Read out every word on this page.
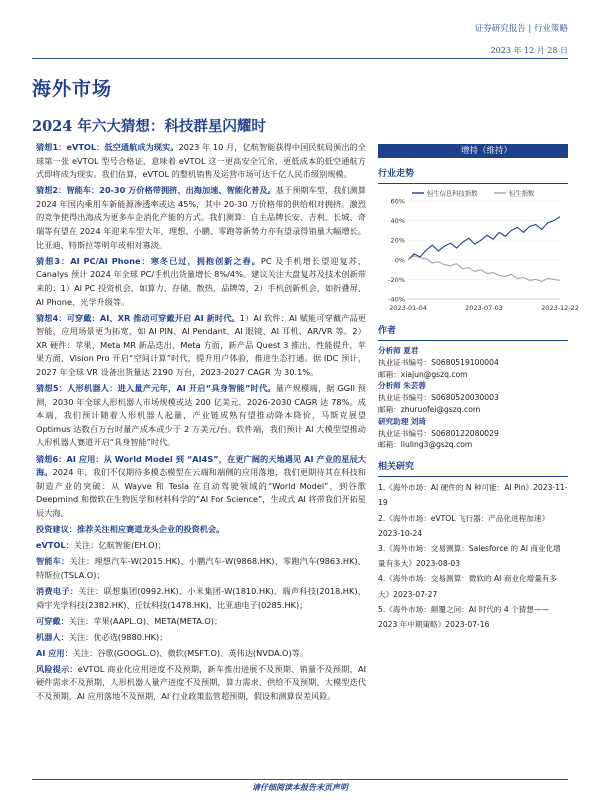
证券研究报告 | 行业策略
2023 年 12 月 28 日
海外市场
2024 年六大猜想：科技群星闪耀时

猜想1：eVTOL：低空通航成为现实。2023 年 10 月，亿航智能获得中国民航局颁出的全球第一张 eVTOL 型号合格证，意味着 eVTOL 这一更高安全冗余、更低成本的低空通航方式即将成为现实。我们估算，eVTOL 的整机销售及运营市场可达千亿人民币级别规模。

猜想2：智能车：20-30 万价格带拥挤、出海加速、智能化普及。基于预期车型，我们测算 2024 年国内乘用车新能源渗透率或达 45%，其中 20-30 万价格带的供给相对拥挤。激烈的竞争使得出海成为更多车企消化产能的方式。我们测算：自主品牌长安、吉利、长城、奇瑞等有望在 2024 年迎来车型大年，理想、小鹏、零跑等新势力亦有望录得销量大幅增长。比亚迪、特斯拉等明年或相对寡淡。

猜想3：AI PC/AI Phone：寒冬已过，拥抱创新之春。PC 及手机增长望迎复苏，Canalys 预计 2024 年全球 PC/手机出货量增长 8%/4%。建议关注大盘复苏及技术创新带来的：1）AI PC 投资机会，如算力、存储、散热、品牌等，2）手机创新机会，如折叠屏、AI Phone、光学升级等。

猜想4：可穿戴：AI、XR 推动可穿戴开启 AI 新时代。1）AI 软件：AI 赋能可穿戴产品更智能，应用场景更为拓宽，如 AI PIN、AI Pendant、AI 眼镜、AI 耳机、AR/VR 等。2）XR 硬件：苹果、Meta MR 新品迭出，Meta 方面，新产品 Quest 3 推出，性能提升，苹果方面，Vision Pro 开启“空间计算”时代，提升用户体验，推进生态打通。据 IDC 预计，2027 年全球 VR 设备出货量达 2190 万台，2023-2027 CAGR 为 30.1%。

猜想5：人形机器人：进入量产元年，AI 开启“具身智能”时代。量产规模端，据 GGII 预测，2030 年全球人形机器人市场规模或达 200 亿美元，2026-2030 CAGR 达 78%。成本端，我们预计随着人形机器人起量，产业链成熟有望推动降本降价，马斯克展望 Optimus 达数百万台时量产成本或少于 2 万美元/台。软件端，我们预计 AI 大模型望推动人形机器人赛道开启“具身智能”时代。

猜想6：AI 应用：从 World Model 到 “AI4S”，在更广阔的天地遇见 AI 产业的星辰大海。2024 年，我们不仅期待多模态模型在云端和端侧的应用落地，我们更期待其在科技和制造产业的突破：从 Wayve 和 Tesla 在自动驾驶领域的“World Model”，到谷歌 Deepmind 和微软在生物医学和材料科学的“AI For Science”，生成式 AI 将带我们开拓星辰大海。

投资建议：推荐关注相应赛道龙头企业的投资机会。

eVTOL：关注：亿航智能(EH.O)；

智能车：关注：理想汽车-W(2015.HK)、小鹏汽车-W(9868.HK)、零跑汽车(9863.HK)、特斯拉(TSLA.O)；

消费电子：关注：联想集团(0992.HK)、小米集团-W(1810.HK)、瑞声科技(2018.HK)、舜宇光学科技(2382.HK)、丘钛科技(1478.HK)、比亚迪电子(0285.HK)；

可穿戴：关注：苹果(AAPL.O)、META(META.O)；

机器人：关注：优必选(9880.HK)；

AI 应用：关注：谷歌(GOOGL.O)、微软(MSFT.O)、英伟达(NVDA.O)等。

风险提示：eVTOL 商业化应用进度不及预期，新车推出进展不及预期、销量不及预期，AI 硬件需求不及预期，人形机器人量产进度不及预期，算力需求、供给不及预期，大模型迭代不及预期，AI 应用落地不及预期，AI 行业政策监管超预期，假设和测算误差风险。

增持（维持）
行业走势
60%
40%
20%
0%
-20%
-40%
2023-01-04	2023-07-03	2023-12-22
恒生信息科技指数	恒生指数
作者
分析师 夏君
执业证书编号：S0680519100004
邮箱：xiajun@gszq.com
分析师 朱芸蓉
执业证书编号：S0680520030003
邮箱：zhuruofei@gszq.com
研究助理 刘琦
执业证书编号：S0680122080029
邮箱：liuling3@gszq.com
相关研究
1.《海外市场：AI 硬件的 N 种可能：AI Pin》2023-11-19
2.《海外市场：eVTOL 飞行器：产品化进程加速》2023-10-24
3.《海外市场：交易测算：Salesforce 的 AI 商业化增量有多大》2023-08-03
4.《海外市场：交易测算：微软的 AI 商业化增量有多大》2023-07-27
5.《海外市场：颠覆之问：AI 时代的 4 个猜想——2023 年中期策略》2023-07-16
请仔细阅读本报告末页声明
